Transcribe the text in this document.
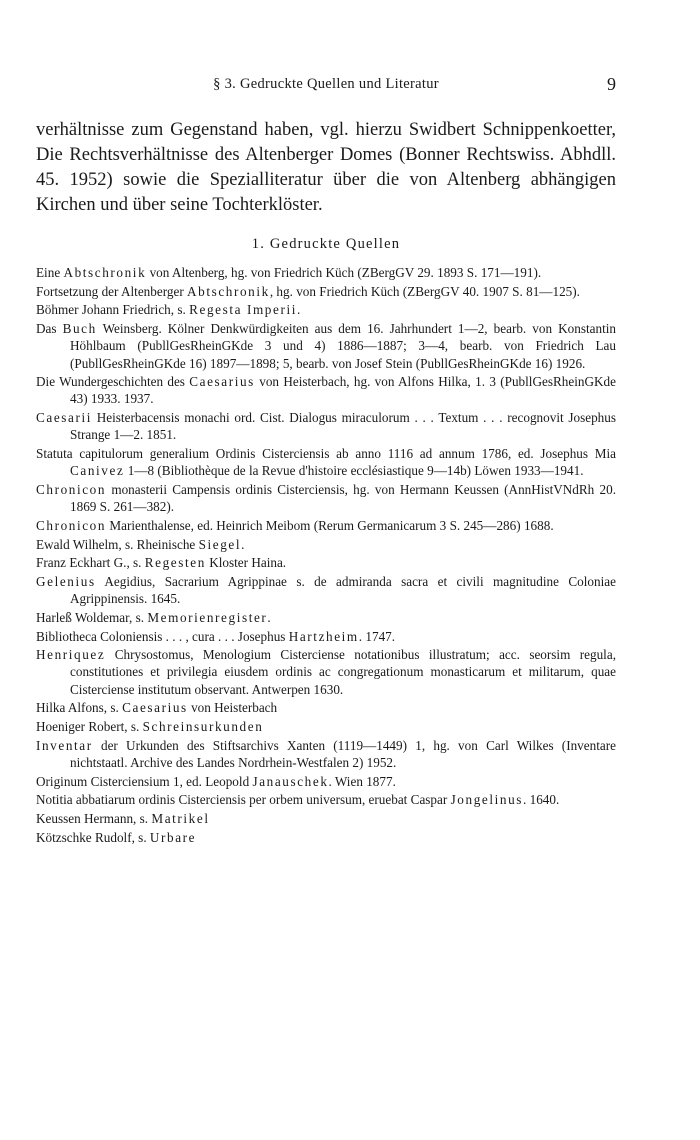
§ 3. Gedruckte Quellen und Literatur	9

verhältnisse zum Gegenstand haben, vgl. hierzu Swidbert Schnippenkoetter, Die Rechtsverhältnisse des Altenberger Domes (Bonner Rechtswiss. Abhdll. 45. 1952) sowie die Spezialliteratur über die von Altenberg abhängigen Kirchen und über seine Tochterklöster.

1. Gedruckte Quellen
Eine Abtschronik von Altenberg, hg. von Friedrich Küch (ZBergGV 29. 1893 S. 171—191).
Fortsetzung der Altenberger Abtschronik, hg. von Friedrich Küch (ZBergGV 40. 1907 S. 81—125).
Böhmer Johann Friedrich, s. Regesta Imperii.
Das Buch Weinsberg. Kölner Denkwürdigkeiten aus dem 16. Jahrhundert 1—2, bearb. von Konstantin Höhlbaum (PubllGesRheinGKde 3 und 4) 1886—1887; 3—4, bearb. von Friedrich Lau (PubllGesRheinGKde 16) 1897—1898; 5, bearb. von Josef Stein (PubllGesRheinGKde 16) 1926.
Die Wundergeschichten des Caesarius von Heisterbach, hg. von Alfons Hilka, 1. 3 (PubllGesRheinGKde 43) 1933. 1937.
Caesarii Heisterbacensis monachi ord. Cist. Dialogus miraculorum . . . Textum . . . recognovit Josephus Strange 1—2. 1851.
Statuta capitulorum generalium Ordinis Cisterciensis ab anno 1116 ad annum 1786, ed. Josephus Mia Canivez 1—8 (Bibliothèque de la Revue d'histoire ecclésiastique 9—14b) Löwen 1933—1941.
Chronicon monasterii Campensis ordinis Cisterciensis, hg. von Hermann Keussen (AnnHistVNdRh 20. 1869 S. 261—382).
Chronicon Marienthalense, ed. Heinrich Meibom (Rerum Germanicarum 3 S. 245—286) 1688.
Ewald Wilhelm, s. Rheinische Siegel.
Franz Eckhart G., s. Regesten Kloster Haina.
Gelenius Aegidius, Sacrarium Agrippinae s. de admiranda sacra et civili magnitudine Coloniae Agrippinensis. 1645.
Harleß Woldemar, s. Memorienregister.
Bibliotheca Coloniensis . . . , cura . . . Josephus Hartzheim. 1747.
Henriquez Chrysostomus, Menologium Cisterciense notationibus illustratum; acc. seorsim regula, constitutiones et privilegia eiusdem ordinis ac congregationum monasticarum et militarum, quae Cisterciense institutum observant. Antwerpen 1630.
Hilka Alfons, s. Caesarius von Heisterbach
Hoeniger Robert, s. Schreinsurkunden
Inventar der Urkunden des Stiftsarchivs Xanten (1119—1449) 1, hg. von Carl Wilkes (Inventare nichtstaatl. Archive des Landes Nordrhein-Westfalen 2) 1952.
Originum Cisterciensium 1, ed. Leopold Janauschek. Wien 1877.
Notitia abbatiarum ordinis Cisterciensis per orbem universum, eruebat Caspar Jongelinus. 1640.
Keussen Hermann, s. Matrikel
Kötzschke Rudolf, s. Urbare
